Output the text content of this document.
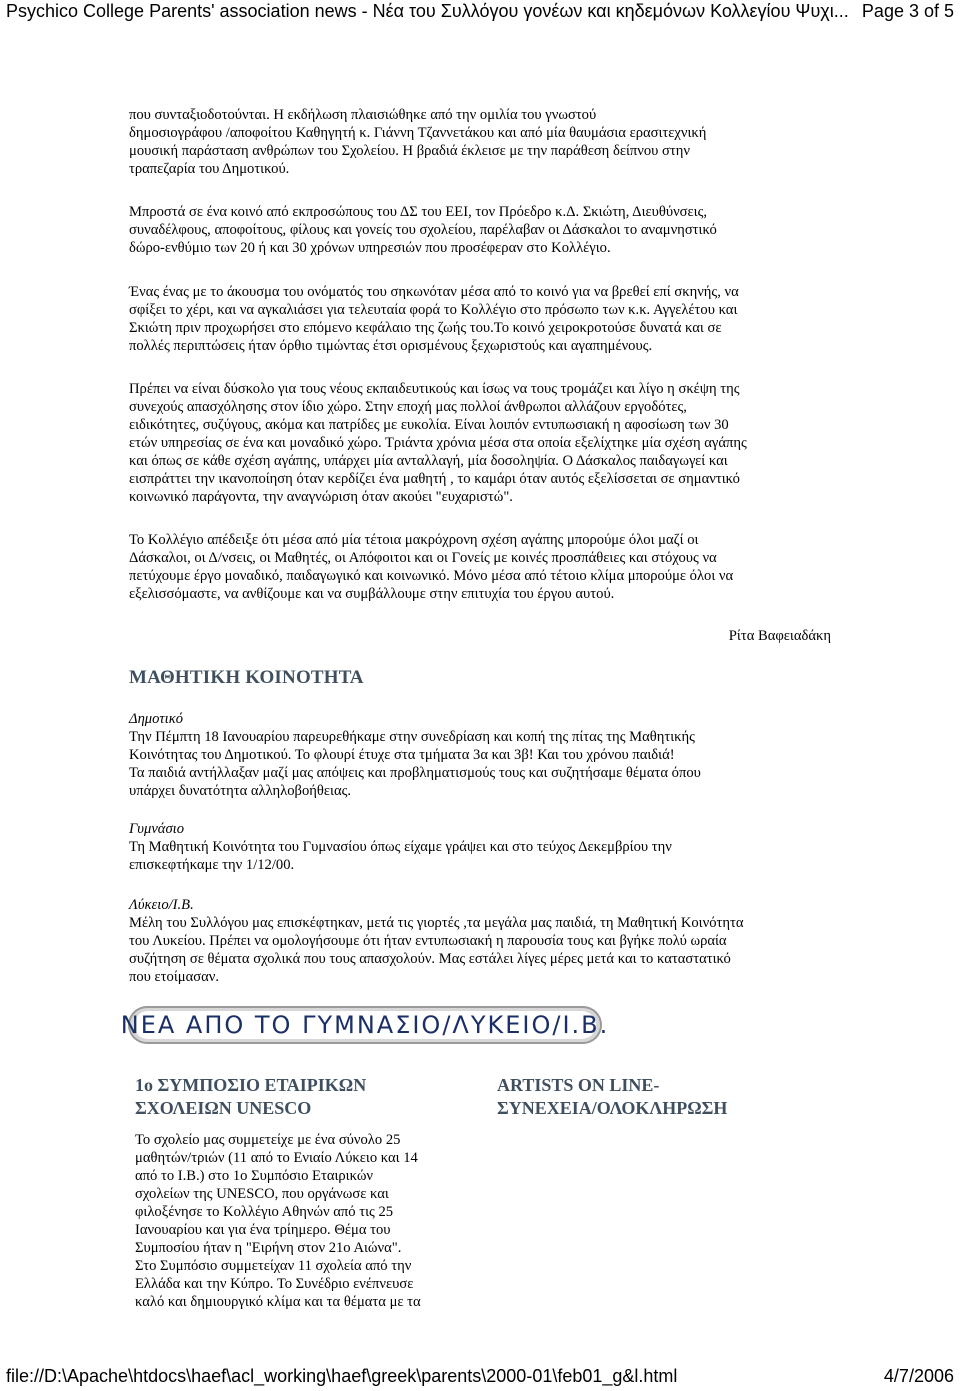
Psychico College Parents' association news - Νέα του Συλλόγου γονέων και κηδεμόνων Κολλεγίου Ψυχι... Page 3 of 5

που συνταξιοδοτούνται. Η εκδήλωση πλαισιώθηκε από την ομιλία του γνωστού

δημοσιογράφου /αποφοίτου Καθηγητή κ. Γιάννη Τζαννετάκου και από μία θαυμάσια ερασιτεχνική

μουσική παράσταση ανθρώπων του Σχολείου. Η βραδιά έκλεισε με την παράθεση δείπνου στην

τραπεζαρία του Δημοτικού.

Μπροστά σε ένα κοινό από εκπροσώπους του ΔΣ του ΕΕΙ, τον Πρόεδρο κ.Δ. Σκιώτη, Διευθύνσεις,

συναδέλφους, αποφοίτους, φίλους και γονείς του σχολείου, παρέλαβαν οι Δάσκαλοι το αναμνηστικό

δώρο-ενθύμιο των 20 ή και 30 χρόνων υπηρεσιών που προσέφεραν στο Κολλέγιο.

Ένας ένας με το άκουσμα του ονόματός του σηκωνόταν μέσα από το κοινό για να βρεθεί επί σκηνής, να

σφίξει το χέρι, και να αγκαλιάσει για τελευταία φορά το Κολλέγιο στο πρόσωπο των κ.κ. Αγγελέτου και

Σκιώτη πριν προχωρήσει στο επόμενο κεφάλαιο της ζωής του.Το κοινό χειροκροτούσε δυνατά και σε

πολλές περιπτώσεις ήταν όρθιο τιμώντας έτσι ορισμένους ξεχωριστούς και αγαπημένους.

Πρέπει να είναι δύσκολο για τους νέους εκπαιδευτικούς και ίσως να τους τρομάζει και λίγο η σκέψη της

συνεχούς απασχόλησης στον ίδιο χώρο. Στην εποχή μας πολλοί άνθρωποι αλλάζουν εργοδότες,

ειδικότητες, συζύγους, ακόμα και πατρίδες με ευκολία. Είναι λοιπόν εντυπωσιακή η αφοσίωση των 30

ετών υπηρεσίας σε ένα και μοναδικό χώρο. Τριάντα χρόνια μέσα στα οποία εξελίχτηκε μία σχέση αγάπης

και όπως σε κάθε σχέση αγάπης, υπάρχει μία ανταλλαγή, μία δοσοληψία. Ο Δάσκαλος παιδαγωγεί και

εισπράττει την ικανοποίηση όταν κερδίζει ένα μαθητή , το καμάρι όταν αυτός εξελίσσεται σε σημαντικό

κοινωνικό παράγοντα, την αναγνώριση όταν ακούει "ευχαριστώ".

Το Κολλέγιο απέδειξε ότι μέσα από μία τέτοια μακρόχρονη σχέση αγάπης μπορούμε όλοι μαζί οι

Δάσκαλοι, οι Δ/νσεις, οι Μαθητές, οι Απόφοιτοι και οι Γονείς με κοινές προσπάθειες και στόχους να

πετύχουμε έργο μοναδικό, παιδαγωγικό και κοινωνικό. Μόνο μέσα από τέτοιο κλίμα μπορούμε όλοι να

εξελισσόμαστε, να ανθίζουμε και να συμβάλλουμε στην επιτυχία του έργου αυτού.

Ρίτα Βαφειαδάκη
ΜΑΘΗΤΙΚΗ ΚΟΙΝΟΤΗΤΑ

Δημοτικό

Την Πέμπτη 18 Ιανουαρίου παρευρεθήκαμε στην συνεδρίαση και κοπή της πίτας της Μαθητικής

Κοινότητας του Δημοτικού. Το φλουρί έτυχε στα τμήματα 3α και 3β! Και του χρόνου παιδιά!

Τα παιδιά αντήλλαξαν μαζί μας απόψεις και προβληματισμούς τους και συζητήσαμε θέματα όπου

υπάρχει δυνατότητα αλληλοβοήθειας.

Γυμνάσιο

Τη Μαθητική Κοινότητα του Γυμνασίου όπως είχαμε γράψει και στο τεύχος Δεκεμβρίου την

επισκεφτήκαμε την 1/12/00.

Λύκειο/Ι.Β.

Μέλη του Συλλόγου μας επισκέφτηκαν, μετά τις γιορτές ,τα μεγάλα μας παιδιά, τη Μαθητική Κοινότητα

του Λυκείου. Πρέπει να ομολογήσουμε ότι ήταν εντυπωσιακή η παρουσία τους και βγήκε πολύ ωραία

συζήτηση σε θέματα σχολικά που τους απασχολούν. Μας εστάλει λίγες μέρες μετά και το καταστατικό

που ετοίμασαν.

ΝΕΑ ΑΠΟ ΤΟ ΓΥΜΝΑΣΙΟ/ΛΥΚΕΙΟ/Ι.Β.
1ο ΣΥΜΠΟΣΙΟ ΕΤΑΙΡΙΚΩΝ
ΣΧΟΛΕΙΩΝ UNESCO
ARTISTS ON LINE-
ΣΥΝΕΧΕΙΑ/ΟΛΟΚΛΗΡΩΣΗ

Το σχολείο μας συμμετείχε με ένα σύνολο 25

μαθητών/τριών (11 από το Ενιαίο Λύκειο και 14

από το Ι.Β.) στο 1ο Συμπόσιο Εταιρικών

σχολείων της UNESCO, που οργάνωσε και

φιλοξένησε το Κολλέγιο Αθηνών από τις 25

Ιανουαρίου και για ένα τρίημερο. Θέμα του

Συμποσίου ήταν η "Ειρήνη στον 21ο Αιώνα".

Στο Συμπόσιο συμμετείχαν 11 σχολεία από την

Ελλάδα και την Κύπρο. Το Συνέδριο ενέπνευσε

καλό και δημιουργικό κλίμα και τα θέματα με τα

file://D:\Apache\htdocs\haef\acl_working\haef\greek\parents\2000-01\feb01_g&l.html	4/7/2006
